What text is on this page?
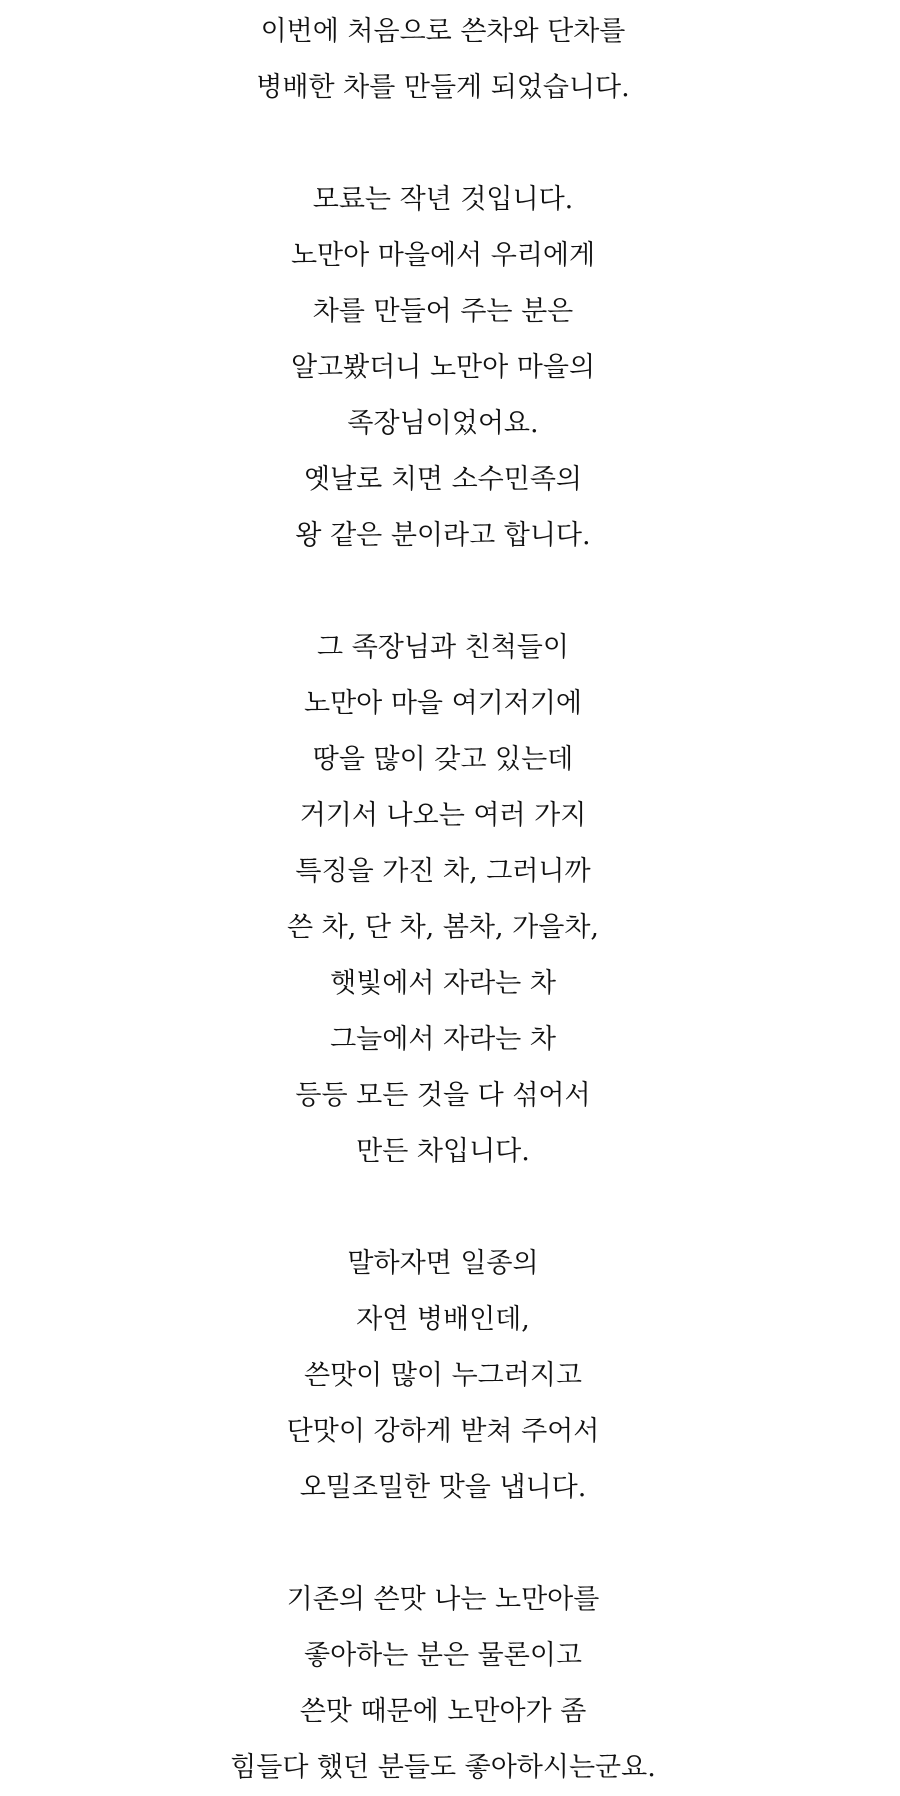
이번에 처음으로 쓴차와 단차를
병배한 차를 만들게 되었습니다.
모료는 작년 것입니다.
노만아 마을에서 우리에게
차를 만들어 주는 분은
알고봤더니 노만아 마을의
족장님이었어요.
옛날로 치면 소수민족의
왕 같은 분이라고 합니다.
그 족장님과 친척들이
노만아 마을 여기저기에
땅을 많이 갖고 있는데
거기서 나오는 여러 가지
특징을 가진 차, 그러니까
쓴 차, 단 차, 봄차, 가을차,
햇빛에서 자라는 차
그늘에서 자라는 차
등등 모든 것을 다 섞어서
만든 차입니다.
말하자면 일종의
자연 병배인데,
쓴맛이 많이 누그러지고
단맛이 강하게 받쳐 주어서
오밀조밀한 맛을 냅니다.
기존의 쓴맛 나는 노만아를
좋아하는 분은 물론이고
쓴맛 때문에 노만아가 좀
힘들다 했던 분들도 좋아하시는군요.
